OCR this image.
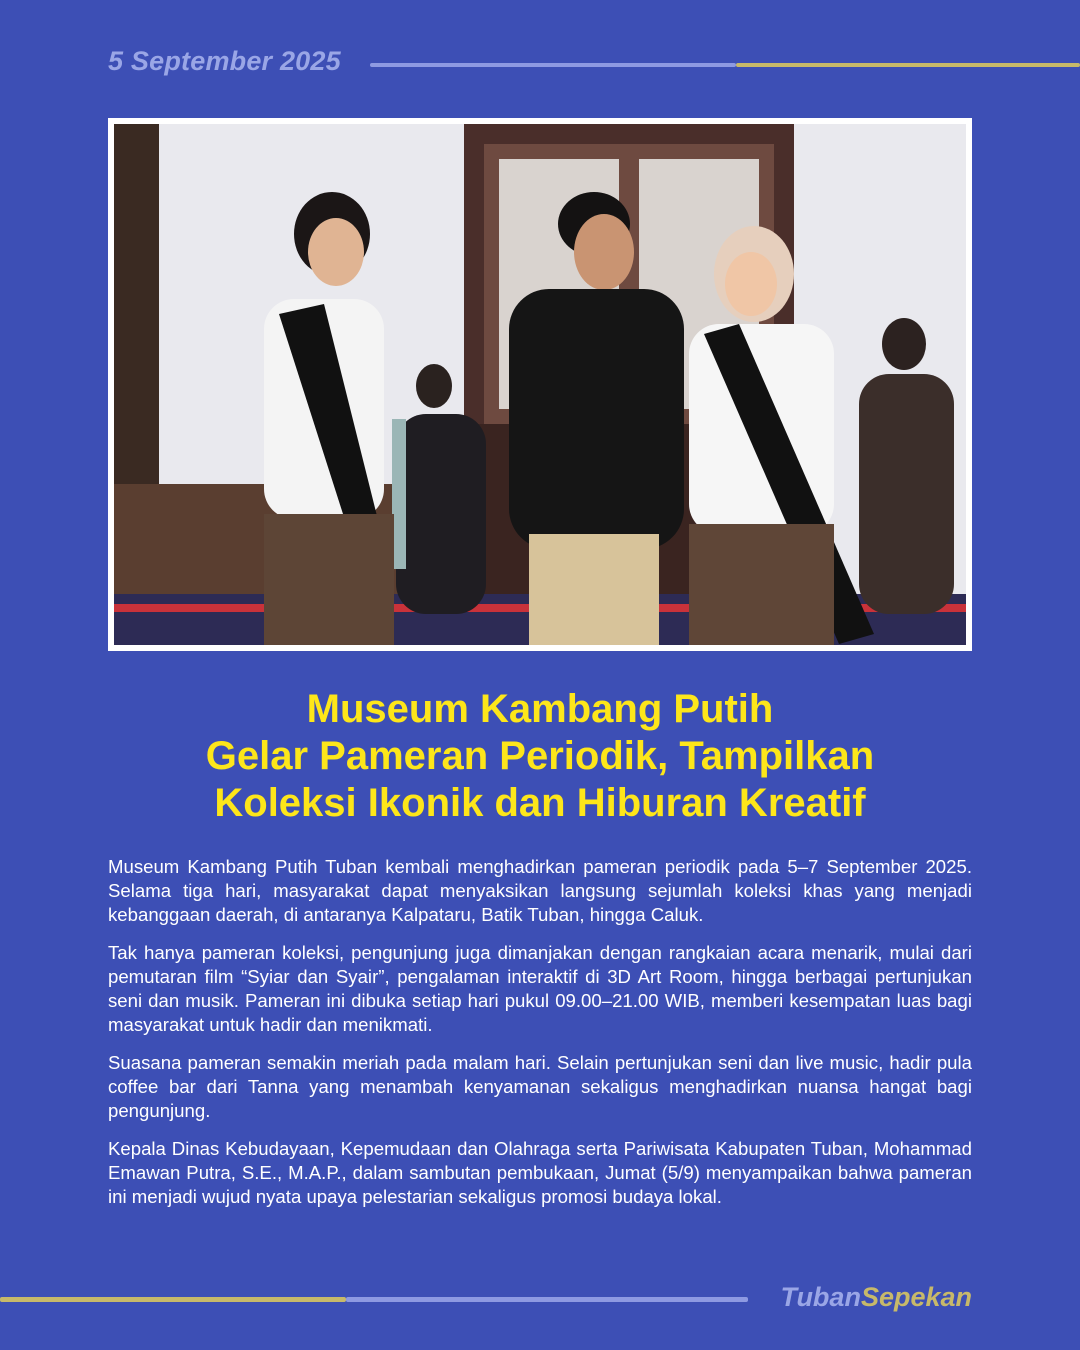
5 September 2025
Museum Kambang Putih
Gelar Pameran Periodik, Tampilkan
Koleksi Ikonik dan Hiburan Kreatif

Museum Kambang Putih Tuban kembali menghadirkan pameran periodik pada 5–7 September 2025. Selama tiga hari, masyarakat dapat menyaksikan langsung sejumlah koleksi khas yang menjadi kebanggaan daerah, di antaranya Kalpataru, Batik Tuban, hingga Caluk.

Tak hanya pameran koleksi, pengunjung juga dimanjakan dengan rangkaian acara menarik, mulai dari pemutaran film “Syiar dan Syair”, pengalaman interaktif di 3D Art Room, hingga berbagai pertunjukan seni dan musik. Pameran ini dibuka setiap hari pukul 09.00–21.00 WIB, memberi kesempatan luas bagi masyarakat untuk hadir dan menikmati.

Suasana pameran semakin meriah pada malam hari. Selain pertunjukan seni dan live music, hadir pula coffee bar dari Tanna yang menambah kenyamanan sekaligus menghadirkan nuansa hangat bagi pengunjung.

Kepala Dinas Kebudayaan, Kepemudaan dan Olahraga serta Pariwisata Kabupaten Tuban, Mohammad Emawan Putra, S.E., M.A.P., dalam sambutan pembukaan, Jumat (5/9) menyampaikan bahwa pameran ini menjadi wujud nyata upaya pelestarian sekaligus promosi budaya lokal.

TubanSepekan
